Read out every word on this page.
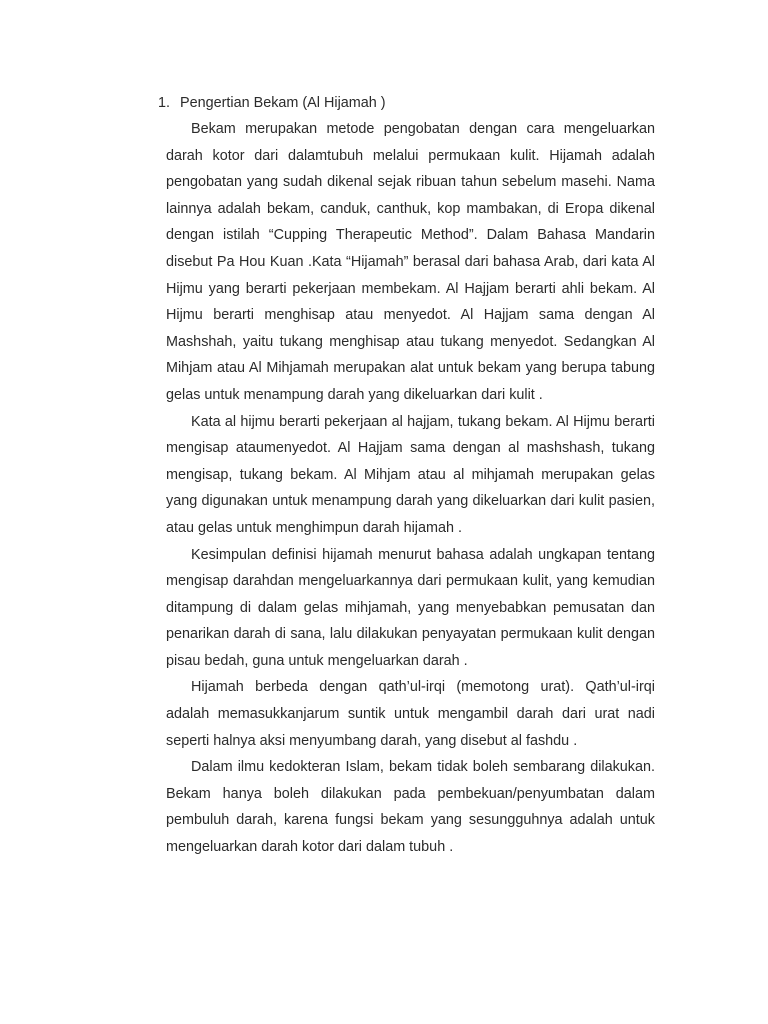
1. Pengertian Bekam (Al Hijamah )

Bekam merupakan metode pengobatan dengan cara mengeluarkan darah kotor dari dalamtubuh melalui permukaan kulit. Hijamah adalah pengobatan yang sudah dikenal sejak ribuan tahun sebelum masehi. Nama lainnya adalah bekam, canduk, canthuk, kop mambakan, di Eropa dikenal dengan istilah “Cupping Therapeutic Method”. Dalam Bahasa Mandarin disebut Pa Hou Kuan .Kata “Hijamah” berasal dari bahasa Arab, dari kata Al Hijmu yang berarti pekerjaan membekam. Al Hajjam berarti ahli bekam. Al Hijmu berarti menghisap atau menyedot. Al Hajjam sama dengan Al Mashshah, yaitu tukang menghisap atau tukang menyedot. Sedangkan Al Mihjam atau Al Mihjamah merupakan alat untuk bekam yang berupa tabung gelas untuk menampung darah yang dikeluarkan dari kulit .

Kata al hijmu berarti pekerjaan al hajjam, tukang bekam. Al Hijmu berarti mengisap ataumenyedot. Al Hajjam sama dengan al mashshash, tukang mengisap, tukang bekam. Al Mihjam atau al mihjamah merupakan gelas yang digunakan untuk menampung darah yang dikeluarkan dari kulit pasien, atau gelas untuk menghimpun darah hijamah .

Kesimpulan definisi hijamah menurut bahasa adalah ungkapan tentang mengisap darahdan mengeluarkannya dari permukaan kulit, yang kemudian ditampung di dalam gelas mihjamah, yang menyebabkan pemusatan dan penarikan darah di sana, lalu dilakukan penyayatan permukaan kulit dengan pisau bedah, guna untuk mengeluarkan darah .

Hijamah berbeda dengan qath’ul-irqi (memotong urat). Qath’ul-irqi adalah memasukkanjarum suntik untuk mengambil darah dari urat nadi seperti halnya aksi menyumbang darah, yang disebut al fashdu .

Dalam ilmu kedokteran Islam, bekam tidak boleh sembarang dilakukan. Bekam hanya boleh dilakukan pada pembekuan/penyumbatan dalam pembuluh darah, karena fungsi bekam yang sesungguhnya adalah untuk mengeluarkan darah kotor dari dalam tubuh .
